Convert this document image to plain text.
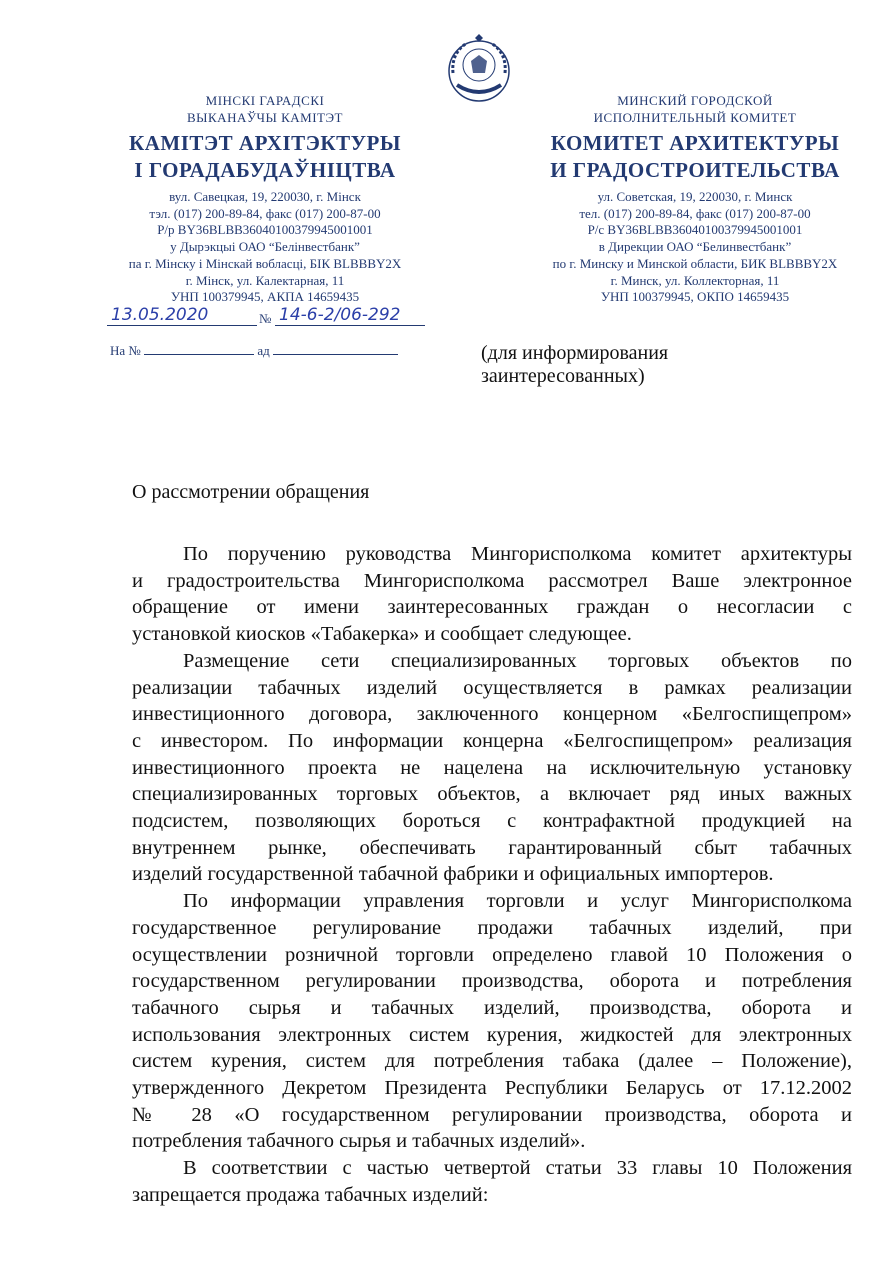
МІНСКІ ГАРАДСКІ
ВЫКАНАЎЧЫ КАМІТЭТ
КАМІТЭТ АРХІТЭКТУРЫ
І ГОРАДАБУДАЎНІЦТВА
вул. Савецкая, 19, 220030, г. Мінск
тэл. (017) 200-89-84, факс (017) 200-87-00
Р/р BY36BLBB36040100379945001001
у Дырэкцыі ОАО “Белінвестбанк”
па г. Мінску і Мінскай вобласці, БІК BLBBBY2X
г. Мінск, ул. Калектарная, 11
УНП 100379945, АКПА 14659435
МИНСКИЙ ГОРОДСКОЙ
ИСПОЛНИТЕЛЬНЫЙ КОМИТЕТ
КОМИТЕТ АРХИТЕКТУРЫ
И ГРАДОСТРОИТЕЛЬСТВА
ул. Советская, 19, 220030, г. Минск
тел. (017) 200-89-84, факс (017) 200-87-00
Р/с BY36BLBB36040100379945001001
в Дирекции ОАО “Белинвестбанк”
по г. Минску и Минской области, БИК BLBBBY2X
г. Минск, ул. Коллекторная, 11
УНП 100379945, ОКПО 14659435
13.05.2020	№ 14-6-2/06-292
На №	ад	(для информирования
заинтересованных)
О рассмотрении обращения
По поручению руководства Мингорисполкома комитет архитектуры
и градостроительства Мингорисполкома рассмотрел Ваше электронное
обращение от имени заинтересованных граждан о несогласии с
установкой киосков «Табакерка» и сообщает следующее.
Размещение сети специализированных торговых объектов по
реализации табачных изделий осуществляется в рамках реализации
инвестиционного договора, заключенного концерном «Белгоспищепром»
с инвестором. По информации концерна «Белгоспищепром» реализация
инвестиционного проекта не нацелена на исключительную установку
специализированных торговых объектов, а включает ряд иных важных
подсистем, позволяющих бороться с контрафактной продукцией на
внутреннем рынке, обеспечивать гарантированный сбыт табачных
изделий государственной табачной фабрики и официальных импортеров.
По информации управления торговли и услуг Мингорисполкома
государственное регулирование продажи табачных изделий, при
осуществлении розничной торговли определено главой 10 Положения о
государственном регулировании производства, оборота и потребления
табачного сырья и табачных изделий, производства, оборота и
использования электронных систем курения, жидкостей для электронных
систем курения, систем для потребления табака (далее – Положение),
утвержденного Декретом Президента Республики Беларусь от 17.12.2002
№ 28 «О государственном регулировании производства, оборота и
потребления табачного сырья и табачных изделий».
В соответствии с частью четвертой статьи 33 главы 10 Положения
запрещается продажа табачных изделий:
